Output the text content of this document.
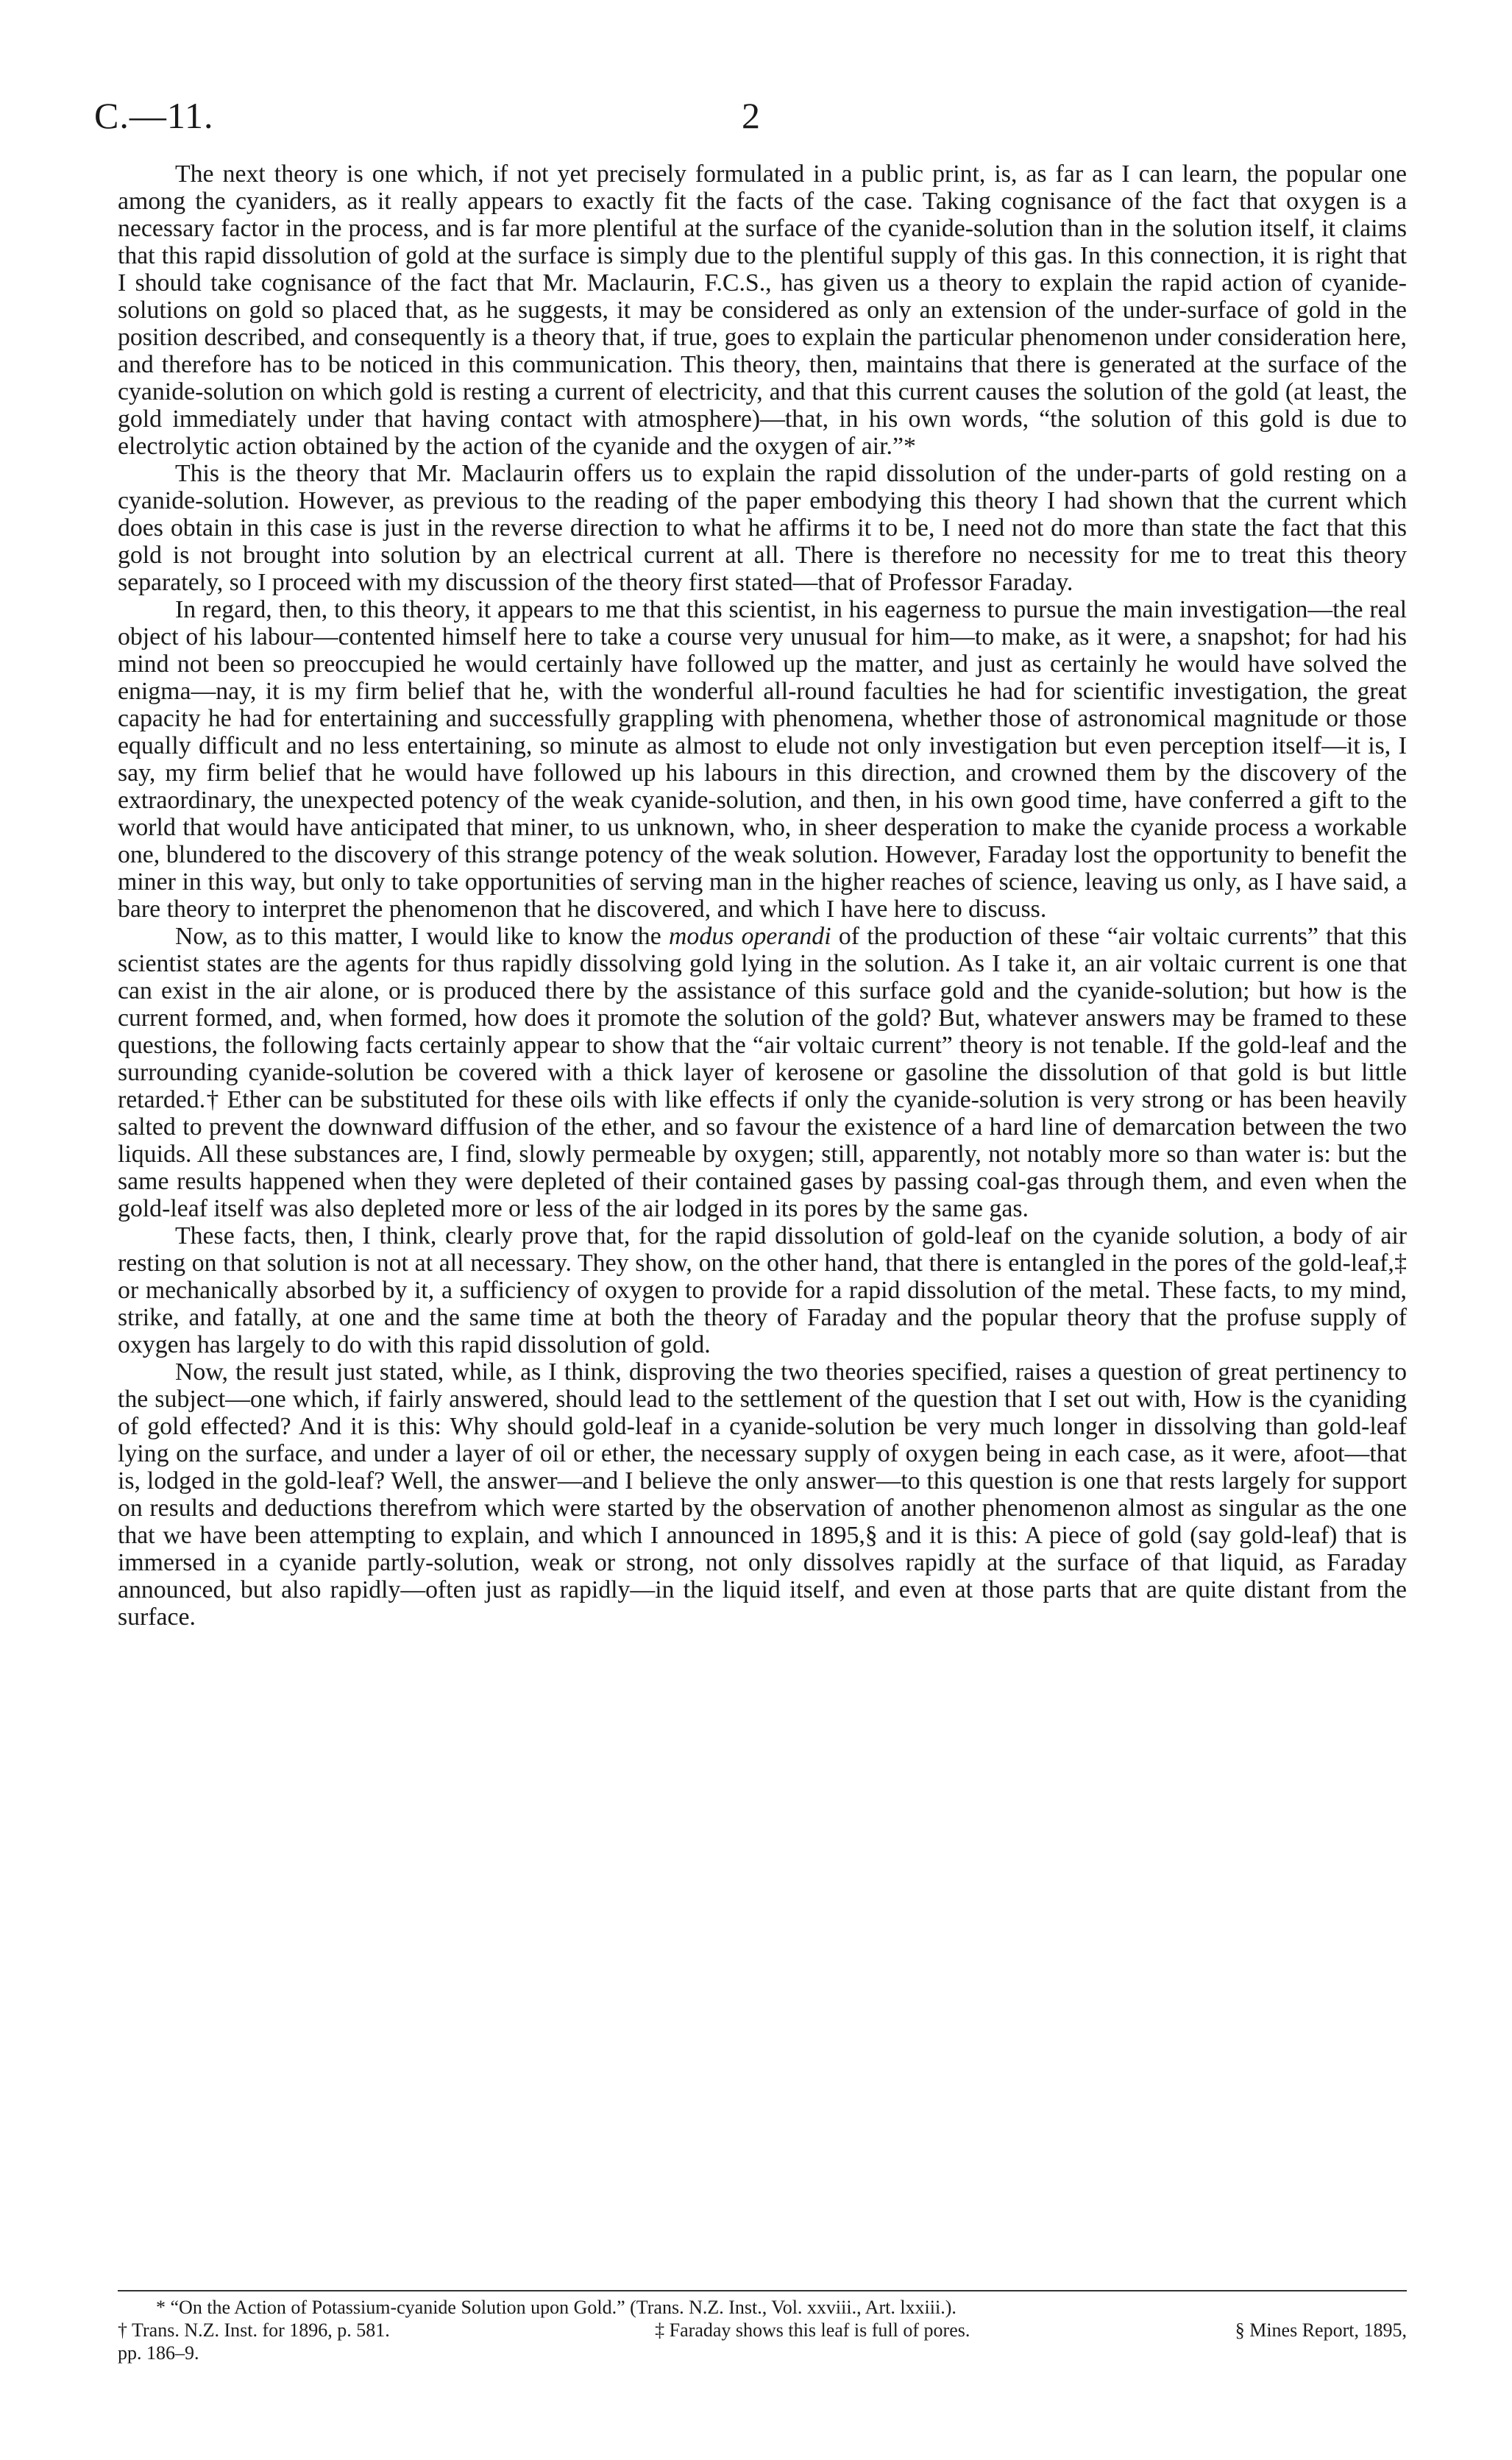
C.—11.	2

The next theory is one which, if not yet precisely formulated in a public print, is, as far as I can learn, the popular one among the cyaniders, as it really appears to exactly fit the facts of the case. Taking cognisance of the fact that oxygen is a necessary factor in the process, and is far more plentiful at the surface of the cyanide-solution than in the solution itself, it claims that this rapid dissolution of gold at the surface is simply due to the plentiful supply of this gas. In this connection, it is right that I should take cognisance of the fact that Mr. Maclaurin, F.C.S., has given us a theory to explain the rapid action of cyanide-solutions on gold so placed that, as he suggests, it may be considered as only an extension of the under-surface of gold in the position described, and consequently is a theory that, if true, goes to explain the particular phenomenon under consideration here, and therefore has to be noticed in this communication. This theory, then, maintains that there is generated at the surface of the cyanide-solution on which gold is resting a current of electricity, and that this current causes the solution of the gold (at least, the gold immediately under that having contact with atmosphere)—that, in his own words, “the solution of this gold is due to electrolytic action obtained by the action of the cyanide and the oxygen of air.”*

This is the theory that Mr. Maclaurin offers us to explain the rapid dissolution of the under-parts of gold resting on a cyanide-solution. However, as previous to the reading of the paper embodying this theory I had shown that the current which does obtain in this case is just in the reverse direction to what he affirms it to be, I need not do more than state the fact that this gold is not brought into solution by an electrical current at all. There is therefore no necessity for me to treat this theory separately, so I proceed with my discussion of the theory first stated—that of Professor Faraday.

In regard, then, to this theory, it appears to me that this scientist, in his eagerness to pursue the main investigation—the real object of his labour—contented himself here to take a course very unusual for him—to make, as it were, a snapshot; for had his mind not been so preoccupied he would certainly have followed up the matter, and just as certainly he would have solved the enigma—nay, it is my firm belief that he, with the wonderful all-round faculties he had for scientific investigation, the great capacity he had for entertaining and successfully grappling with phenomena, whether those of astronomical magnitude or those equally difficult and no less entertaining, so minute as almost to elude not only investigation but even perception itself—it is, I say, my firm belief that he would have followed up his labours in this direction, and crowned them by the discovery of the extraordinary, the unexpected potency of the weak cyanide-solution, and then, in his own good time, have conferred a gift to the world that would have anticipated that miner, to us unknown, who, in sheer desperation to make the cyanide process a workable one, blundered to the discovery of this strange potency of the weak solution. However, Faraday lost the opportunity to benefit the miner in this way, but only to take opportunities of serving man in the higher reaches of science, leaving us only, as I have said, a bare theory to interpret the phenomenon that he discovered, and which I have here to discuss.

Now, as to this matter, I would like to know the modus operandi of the production of these “air voltaic currents” that this scientist states are the agents for thus rapidly dissolving gold lying in the solution. As I take it, an air voltaic current is one that can exist in the air alone, or is produced there by the assistance of this surface gold and the cyanide-solution; but how is the current formed, and, when formed, how does it promote the solution of the gold? But, whatever answers may be framed to these questions, the following facts certainly appear to show that the “air voltaic current” theory is not tenable. If the gold-leaf and the surrounding cyanide-solution be covered with a thick layer of kerosene or gasoline the dissolution of that gold is but little retarded.† Ether can be substituted for these oils with like effects if only the cyanide-solution is very strong or has been heavily salted to prevent the downward diffusion of the ether, and so favour the existence of a hard line of demarcation between the two liquids. All these substances are, I find, slowly permeable by oxygen; still, apparently, not notably more so than water is: but the same results happened when they were depleted of their contained gases by passing coal-gas through them, and even when the gold-leaf itself was also depleted more or less of the air lodged in its pores by the same gas.

These facts, then, I think, clearly prove that, for the rapid dissolution of gold-leaf on the cyanide solution, a body of air resting on that solution is not at all necessary. They show, on the other hand, that there is entangled in the pores of the gold-leaf,‡ or mechanically absorbed by it, a sufficiency of oxygen to provide for a rapid dissolution of the metal. These facts, to my mind, strike, and fatally, at one and the same time at both the theory of Faraday and the popular theory that the profuse supply of oxygen has largely to do with this rapid dissolution of gold.

Now, the result just stated, while, as I think, disproving the two theories specified, raises a question of great pertinency to the subject—one which, if fairly answered, should lead to the settlement of the question that I set out with, How is the cyaniding of gold effected? And it is this: Why should gold-leaf in a cyanide-solution be very much longer in dissolving than gold-leaf lying on the surface, and under a layer of oil or ether, the necessary supply of oxygen being in each case, as it were, afoot—that is, lodged in the gold-leaf? Well, the answer—and I believe the only answer—to this question is one that rests largely for support on results and deductions therefrom which were started by the observation of another phenomenon almost as singular as the one that we have been attempting to explain, and which I announced in 1895,§ and it is this: A piece of gold (say gold-leaf) that is immersed in a cyanide partly-solution, weak or strong, not only dissolves rapidly at the surface of that liquid, as Faraday announced, but also rapidly—often just as rapidly—in the liquid itself, and even at those parts that are quite distant from the surface.

* “On the Action of Potassium-cyanide Solution upon Gold.” (Trans. N.Z. Inst., Vol. xxviii., Art. lxxiii.).
† Trans. N.Z. Inst. for 1896, p. 581.	‡ Faraday shows this leaf is full of pores.	§ Mines Report, 1895,
pp. 186–9.
